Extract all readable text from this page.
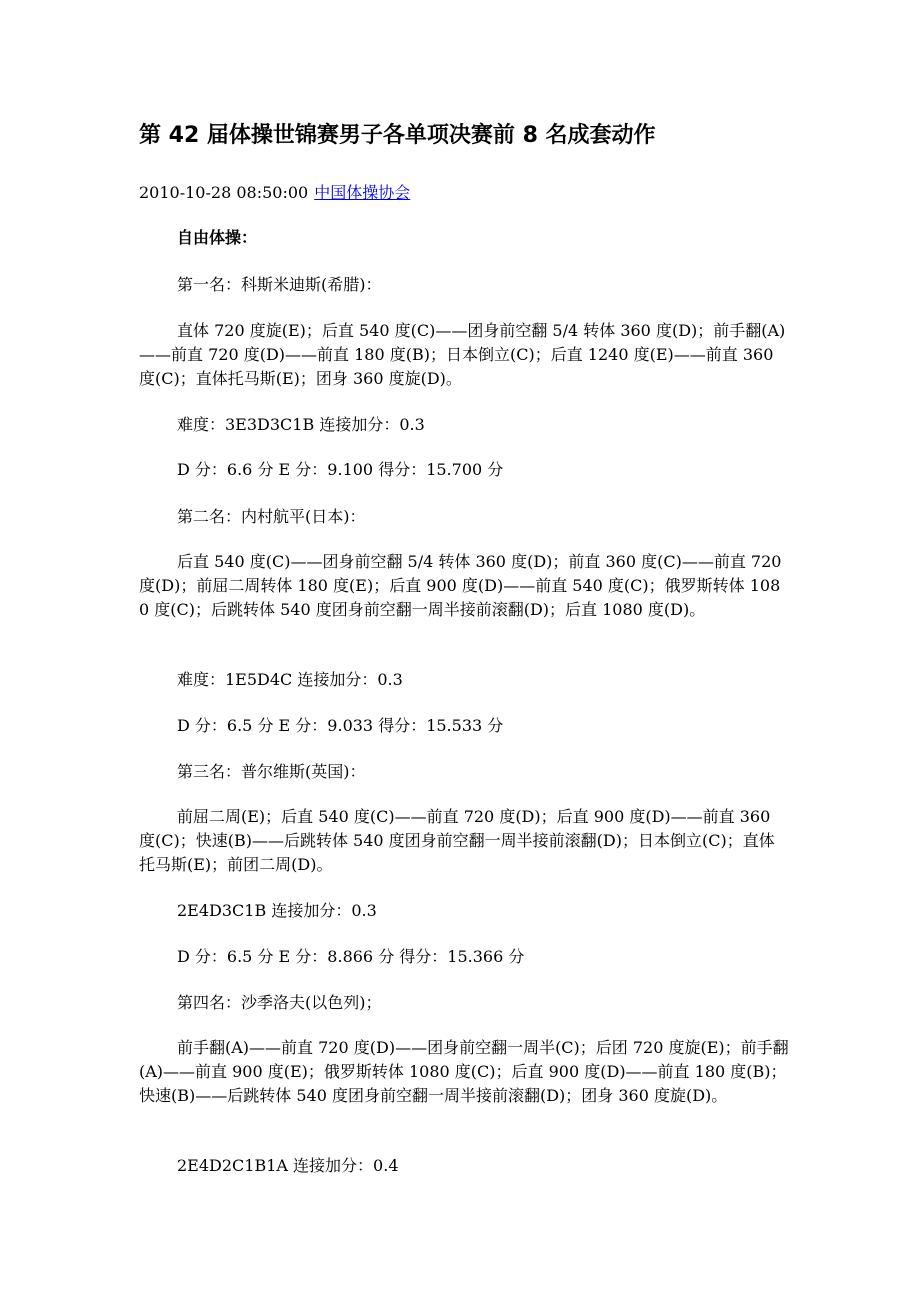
第 42 届体操世锦赛男子各单项决赛前 8 名成套动作
2010-10-28 08:50:00 中国体操协会
自由体操：

第一名：科斯米迪斯(希腊)：

直体 720 度旋(E)；后直 540 度(C)——团身前空翻 5/4 转体 360 度(D)；前手翻(A)——前直 720 度(D)——前直 180 度(B)；日本倒立(C)；后直 1240 度(E)——前直 360 度(C)；直体托马斯(E)；团身 360 度旋(D)。

难度：3E3D3C1B 连接加分：0.3

D 分：6.6 分 E 分：9.100 得分：15.700 分

第二名：内村航平(日本)：

后直 540 度(C)——团身前空翻 5/4 转体 360 度(D)；前直 360 度(C)——前直 720 度(D)；前屈二周转体 180 度(E)；后直 900 度(D)——前直 540 度(C)；俄罗斯转体 1080 度(C)；后跳转体 540 度团身前空翻一周半接前滚翻(D)；后直 1080 度(D)。

难度：1E5D4C 连接加分：0.3

D 分：6.5 分 E 分：9.033 得分：15.533 分

第三名：普尔维斯(英国)：

前屈二周(E)；后直 540 度(C)——前直 720 度(D)；后直 900 度(D)——前直 360 度(C)；快速(B)——后跳转体 540 度团身前空翻一周半接前滚翻(D)；日本倒立(C)；直体托马斯(E)；前团二周(D)。

2E4D3C1B 连接加分：0.3

D 分：6.5 分 E 分：8.866 分 得分：15.366 分

第四名：沙季洛夫(以色列)；

前手翻(A)——前直 720 度(D)——团身前空翻一周半(C)；后团 720 度旋(E)；前手翻(A)——前直 900 度(E)；俄罗斯转体 1080 度(C)；后直 900 度(D)——前直 180 度(B)；快速(B)——后跳转体 540 度团身前空翻一周半接前滚翻(D)；团身 360 度旋(D)。

2E4D2C1B1A 连接加分：0.4
